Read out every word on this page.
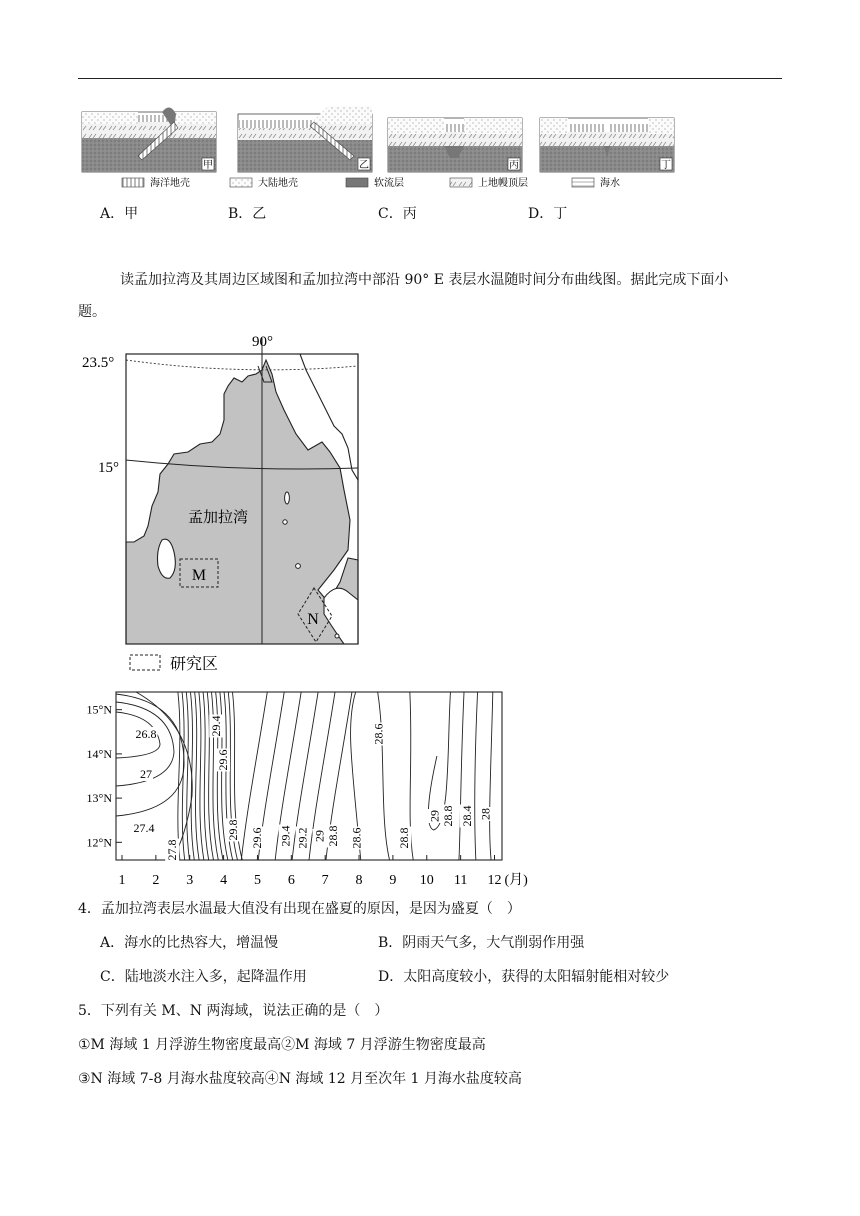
甲	乙	丙	丁
海洋地壳	大陆地壳	软流层	上地幔顶层	海水
A．甲	B．乙	C．丙	D．丁
读孟加拉湾及其周边区域图和孟加拉湾中部沿 90° E 表层水温随时间分布曲线图。据此完成下面小
题。
90°
23.5°
15°
孟加拉湾
M
N
研究区
26.8
27
27.4
27.8
29.4
29.6
29.8 29.6 29.4 29.2 29 28.8
28.6
28.6	28.8
29 28.8 28.4 28
15°N
14°N
13°N
12°N
1 2 3 4 5 6 7 8 9 10 11 12 (月)
4．孟加拉湾表层水温最大值没有出现在盛夏的原因，是因为盛夏（　）
A．海水的比热容大，增温慢	B．阴雨天气多，大气削弱作用强
C．陆地淡水注入多，起降温作用	D．太阳高度较小，获得的太阳辐射能相对较少
5．下列有关 M、N 两海域，说法正确的是（　）
①M 海域 1 月浮游生物密度最高②M 海域 7 月浮游生物密度最高
③N 海域 7-8 月海水盐度较高④N 海域 12 月至次年 1 月海水盐度较高
